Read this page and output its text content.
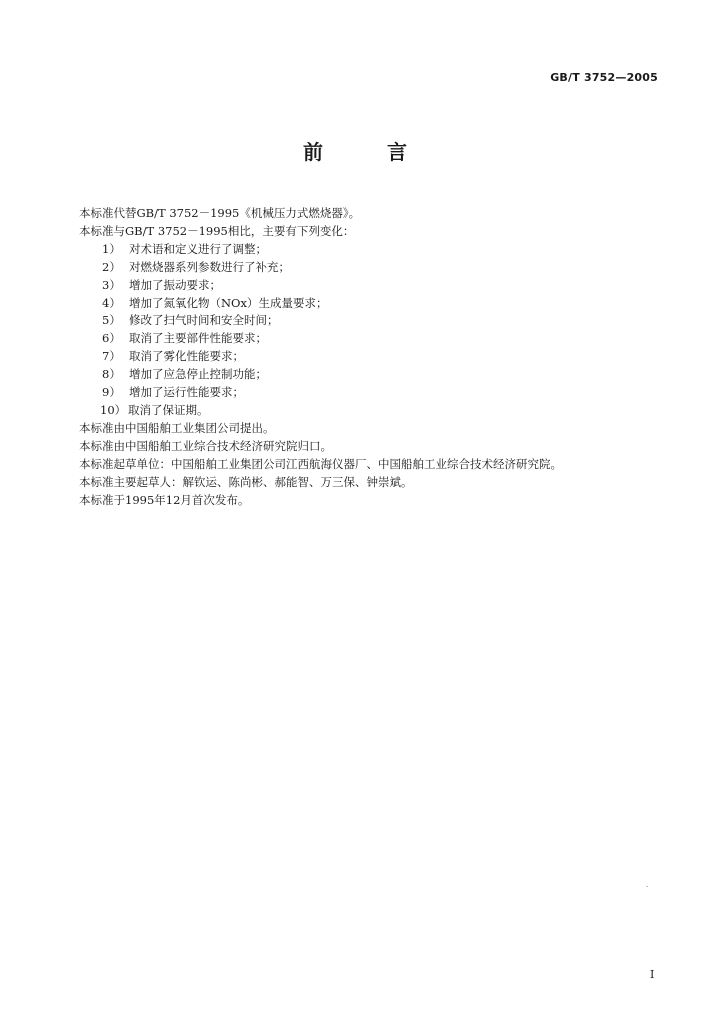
GB/T 3752—2005
前　言
本标准代替GB/T 3752－1995《机械压力式燃烧器》。
本标准与GB/T 3752－1995相比，主要有下列变化：
1） 对术语和定义进行了调整；
2） 对燃烧器系列参数进行了补充；
3） 增加了振动要求；
4） 增加了氮氧化物（NOx）生成量要求；
5） 修改了扫气时间和安全时间；
6） 取消了主要部件性能要求；
7） 取消了雾化性能要求；
8） 增加了应急停止控制功能；
9） 增加了运行性能要求；
10） 取消了保证期。
本标准由中国船舶工业集团公司提出。
本标准由中国船舶工业综合技术经济研究院归口。
本标准起草单位：中国船舶工业集团公司江西航海仪器厂、中国船舶工业综合技术经济研究院。
本标准主要起草人：解钦运、陈尚彬、郝能智、万三保、钟崇斌。
本标准于1995年12月首次发布。
·
I
